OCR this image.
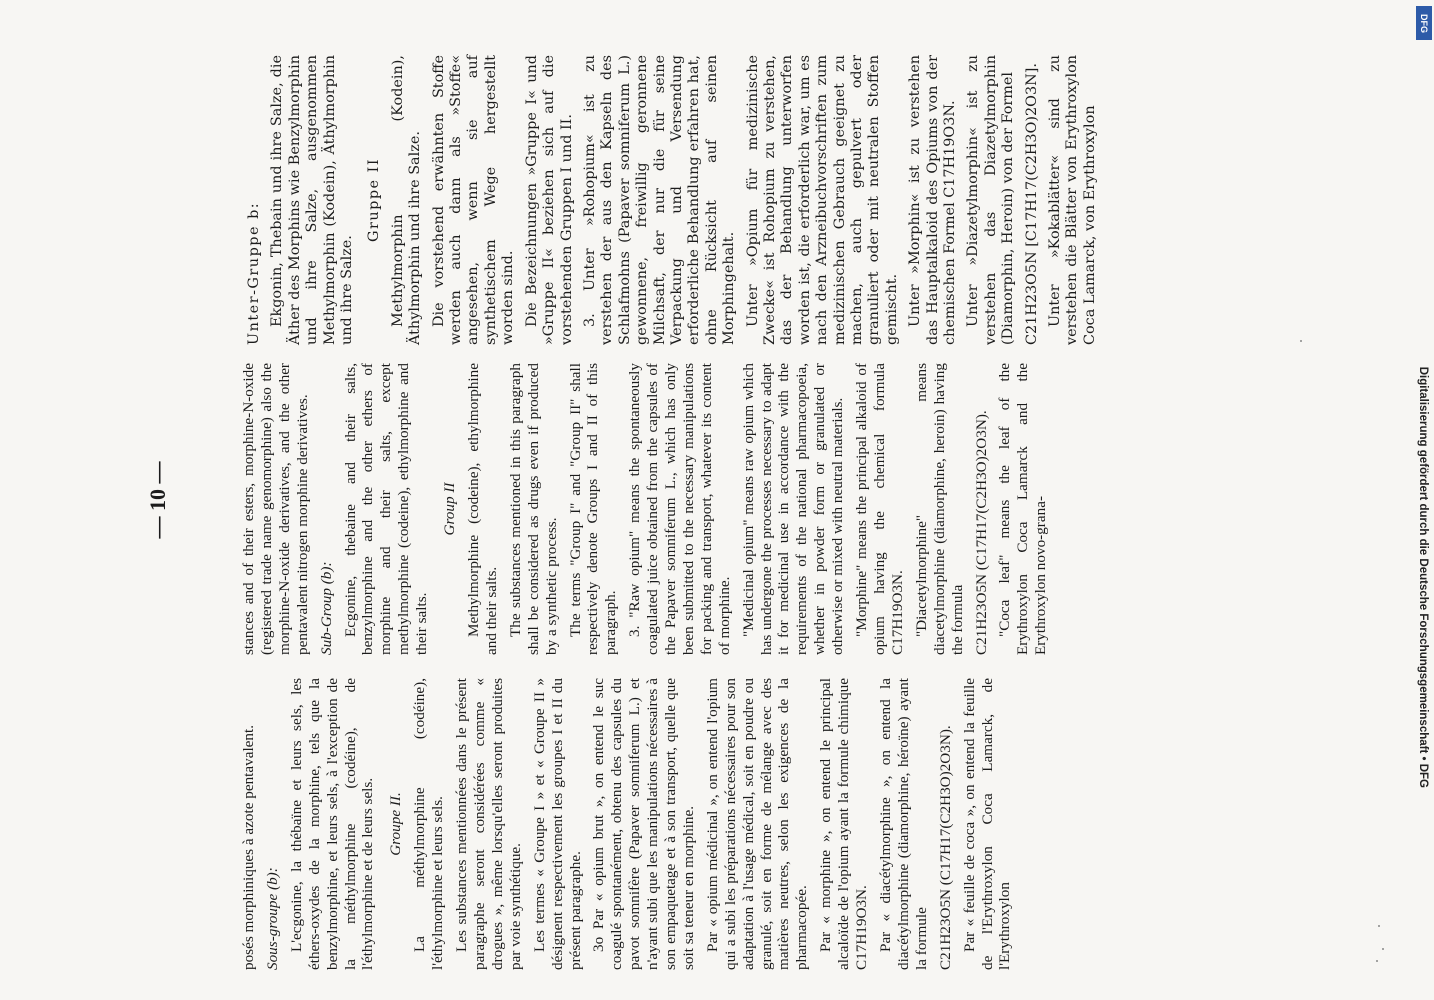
— 10 —

posés morphiniques à azote pentavalent. Sous-groupe (b): L'ecgonine, la thébaïne et leurs sels, les éthers-oxydes de la morphine, tels que la benzylmorphine, et leurs sels, à l'exception de la méthylmorphine (codéine), de l'éthylmorphine et de leurs sels. Groupe II. La méthylmorphine (codéine), l'éthylmorphine et leurs sels. Les substances mentionnées dans le présent paragraphe seront considérées comme « drogues », même lorsqu'elles seront produites par voie synthétique. Les termes « Groupe I » et « Groupe II » désignent respectivement les groupes I et II du présent paragraphe. 3o Par « opium brut », on entend le suc coagulé spontanément, obtenu des capsules du pavot somnifère (Papaver somniferum L.) et n'ayant subi que les manipulations nécessaires à son empaquetage et à son transport, quelle que soit sa teneur en morphine. Par « opium médicinal », on entend l'opium qui a subi les préparations nécessaires pour son adaptation à l'usage médical, soit en poudre ou granulé, soit en forme de mélange avec des matières neutres, selon les exigences de la pharmacopée. Par « morphine », on entend le principal alcaloïde de l'opium ayant la formule chimique C17H19O3N. Par « diacétylmorphine », on entend la diacétylmorphine (diamorphine, héroïne) ayant la formule C21H23O5N (C17H17(C2H3O)2O3N). Par « feuille de coca », on entend la feuille de l'Erythroxylon Coca Lamarck, de l'Erythroxylon

stances and of their esters, morphine-N-oxide (registered trade name genomorphine) also the morphine-N-oxide derivatives, and the other pentavalent nitrogen morphine derivatives. Sub-Group (b): Ecgonine, thebaine and their salts, benzylmorphine and the other ethers of morphine and their salts, except methylmorphine (codeine), ethylmorphine and their salts.

Group II Methylmorphine (codeine), ethylmorphine and their salts. The substances mentioned in this paragraph shall be considered as drugs even if produced by a synthetic process. The terms "Group I" and "Group II" shall respectively denote Groups I and II of this paragraph. 3. "Raw opium" means the spontaneously coagulated juice obtained from the capsules of the Papaver somniferum L., which has only been submitted to the necessary manipulations for packing and transport, whatever its content of morphine. "Medicinal opium" means raw opium which has undergone the processes necessary to adapt it for medicinal use in accordance with the requirements of the national pharmacopoeia, whether in powder form or granulated or otherwise or mixed with neutral materials. "Morphine" means the principal alkaloid of opium having the chemical formula C17H19O3N. "Diacetylmorphine" means diacetylmorphine (diamorphine, heroin) having the formula C21H23O5N (C17H17(C2H3O)2O3N). "Coca leaf" means the leaf of the Erythroxylon Coca Lamarck and the Erythroxylon novo-grana-

Unter-Gruppe b: Ekgonin, Thebain und ihre Salze, die Äther des Morphins wie Benzylmorphin und ihre Salze, ausgenommen Methylmorphin (Kodein), Äthylmorphin und ihre Salze.

Gruppe II Methylmorphin (Kodein), Äthylmorphin und ihre Salze. Die vorstehend erwähnten Stoffe werden auch dann als »Stoffe« angesehen, wenn sie auf synthetischem Wege hergestellt worden sind. Die Bezeichnungen »Gruppe I« und »Gruppe II« beziehen sich auf die vorstehenden Gruppen I und II. 3. Unter »Rohopium« ist zu verstehen der aus den Kapseln des Schlafmohns (Papaver somniferum L.) gewonnene, freiwillig geronnene Milchsaft, der nur die für seine Verpackung und Versendung erforderliche Behandlung erfahren hat, ohne Rücksicht auf seinen Morphingehalt. Unter »Opium für medizinische Zwecke« ist Rohopium zu verstehen, das der Behandlung unterworfen worden ist, die erforderlich war, um es nach den Arzneibuchvorschriften zum medizinischen Gebrauch geeignet zu machen, auch gepulvert oder granuliert oder mit neutralen Stoffen gemischt. Unter »Morphin« ist zu verstehen das Hauptalkaloid des Opiums von der chemischen Formel C17H19O3N. Unter »Diazetylmorphin« ist zu verstehen das Diazetylmorphin (Diamorphin, Heroin) von der Formel C21H23O5N [C17H17(C2H3O)2O3N]. Unter »Kokablätter« sind zu verstehen die Blätter von Erythroxylon Coca Lamarck, von Erythroxylon

Digitalisierung gefördert durch die Deutsche Forschungsgemeinschaft • DFG
DFG
